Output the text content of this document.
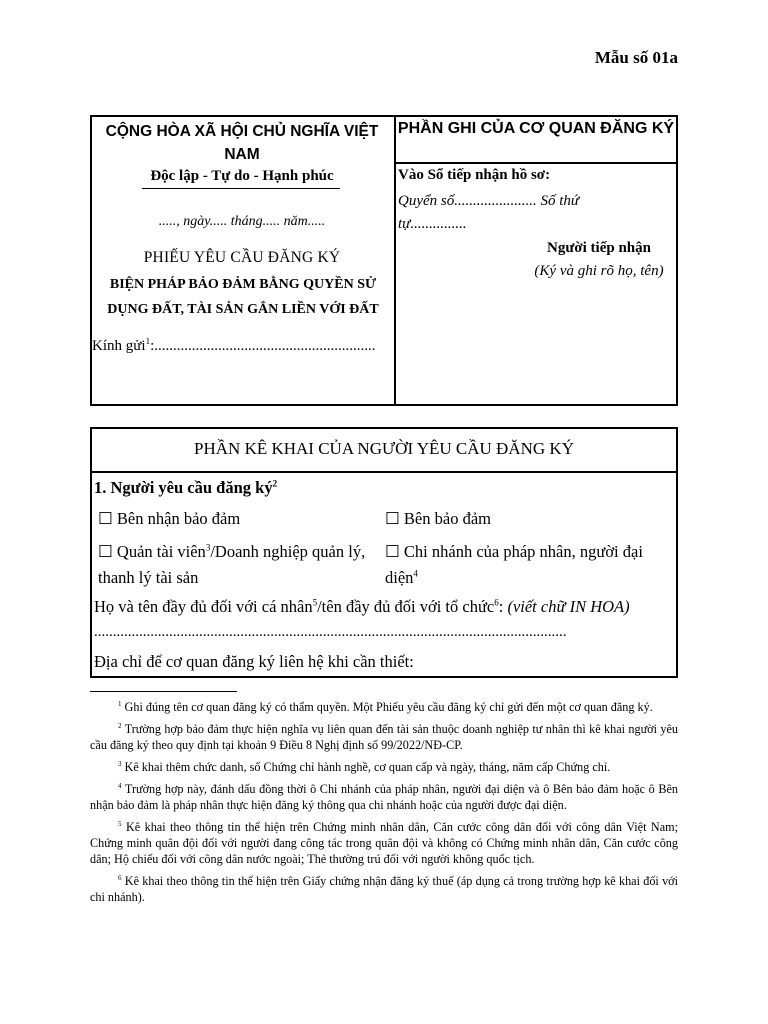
Mẫu số 01a
CỘNG HÒA XÃ HỘI CHỦ NGHĨA VIỆT NAM
Độc lập - Tự do - Hạnh phúc
....., ngày..... tháng..... năm.....
PHIẾU YÊU CẦU ĐĂNG KÝ
BIỆN PHÁP BẢO ĐẢM BẰNG QUYỀN SỬ DỤNG ĐẤT, TÀI SẢN GẮN LIỀN VỚI ĐẤT
Kính gửi$^1$:...........................................................
PHẦN GHI CỦA CƠ QUAN ĐĂNG KÝ
Vào Sổ tiếp nhận hồ sơ:
Quyển số...................... Số thứ tự...............
Người tiếp nhận
(Ký và ghi rõ họ, tên)
PHẦN KÊ KHAI CỦA NGƯỜI YÊU CẦU ĐĂNG KÝ
1. Người yêu cầu đăng $ký^2$
☐ Bên nhận bảo đảm	☐ Bên bảo đảm
☐ Quản tài viên$^3$/Doanh nghiệp quản lý, thanh lý tài sản
☐ Chi nhánh của pháp nhân, người đại diện$^4$
Họ và tên đầy đủ đối với cá nhân$^5$/tên đầy đủ đối với tổ chức$^6$: (viết chữ IN HOA)
..............................................................................................................................
Địa chỉ để cơ quan đăng ký liên hệ khi cần thiết:
$^1$ Ghi đúng tên cơ quan đăng ký có thẩm quyền. Một Phiếu yêu cầu đăng ký chỉ gửi đến một cơ quan đăng ký.
$^2$ Trường hợp bảo đảm thực hiện nghĩa vụ liên quan đến tài sản thuộc doanh nghiệp tư nhân thì kê khai người yêu cầu đăng ký theo quy định tại khoản 9 Điều 8 Nghị định số 99/2022/NĐ-CP.
$^3$ Kê khai thêm chức danh, số Chứng chỉ hành nghề, cơ quan cấp và ngày, tháng, năm cấp Chứng chỉ.
$^4$ Trường hợp này, đánh dấu đồng thời ô Chi nhánh của pháp nhân, người đại diện và ô Bên bảo đảm hoặc ô Bên nhận bảo đảm là pháp nhân thực hiện đăng ký thông qua chi nhánh hoặc của người được đại diện.
$^5$ Kê khai theo thông tin thể hiện trên Chứng minh nhân dân, Căn cước công dân đối với công dân Việt Nam; Chứng minh quân đội đối với người đang công tác trong quân đội và không có Chứng minh nhân dân, Căn cước công dân; Hộ chiếu đối với công dân nước ngoài; Thẻ thường trú đối với người không quốc tịch.
$^6$ Kê khai theo thông tin thể hiện trên Giấy chứng nhận đăng ký thuế (áp dụng cả trong trường hợp kê khai đối với chi nhánh).
